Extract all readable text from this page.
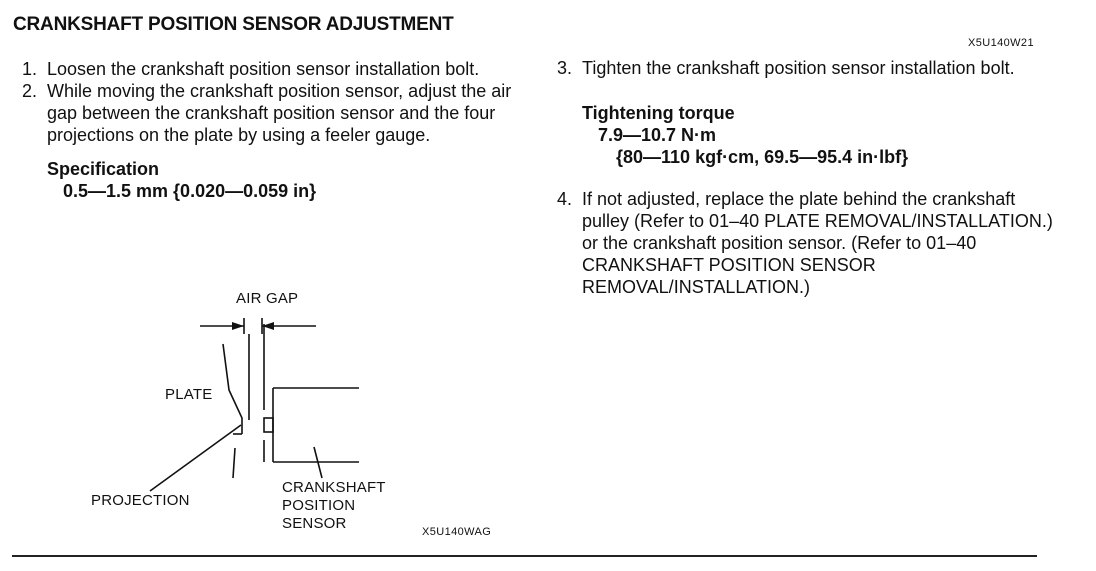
CRANKSHAFT POSITION SENSOR ADJUSTMENT
X5U140W21
1. Loosen the crankshaft position sensor installation bolt.
2. While moving the crankshaft position sensor, adjust the air gap between the crankshaft position sensor and the four projections on the plate by using a feeler gauge.
Specification
0.5—1.5 mm {0.020—0.059 in}
3. Tighten the crankshaft position sensor installation bolt.
Tightening torque
7.9—10.7 N·m
{80—110 kgf·cm, 69.5—95.4 in·lbf}
4. If not adjusted, replace the plate behind the crankshaft pulley (Refer to 01–40 PLATE REMOVAL/INSTALLATION.) or the crankshaft position sensor. (Refer to 01–40 CRANKSHAFT POSITION SENSOR REMOVAL/INSTALLATION.)
AIR GAP
PLATE
PROJECTION
CRANKSHAFT
POSITION
SENSOR	X5U140WAG
